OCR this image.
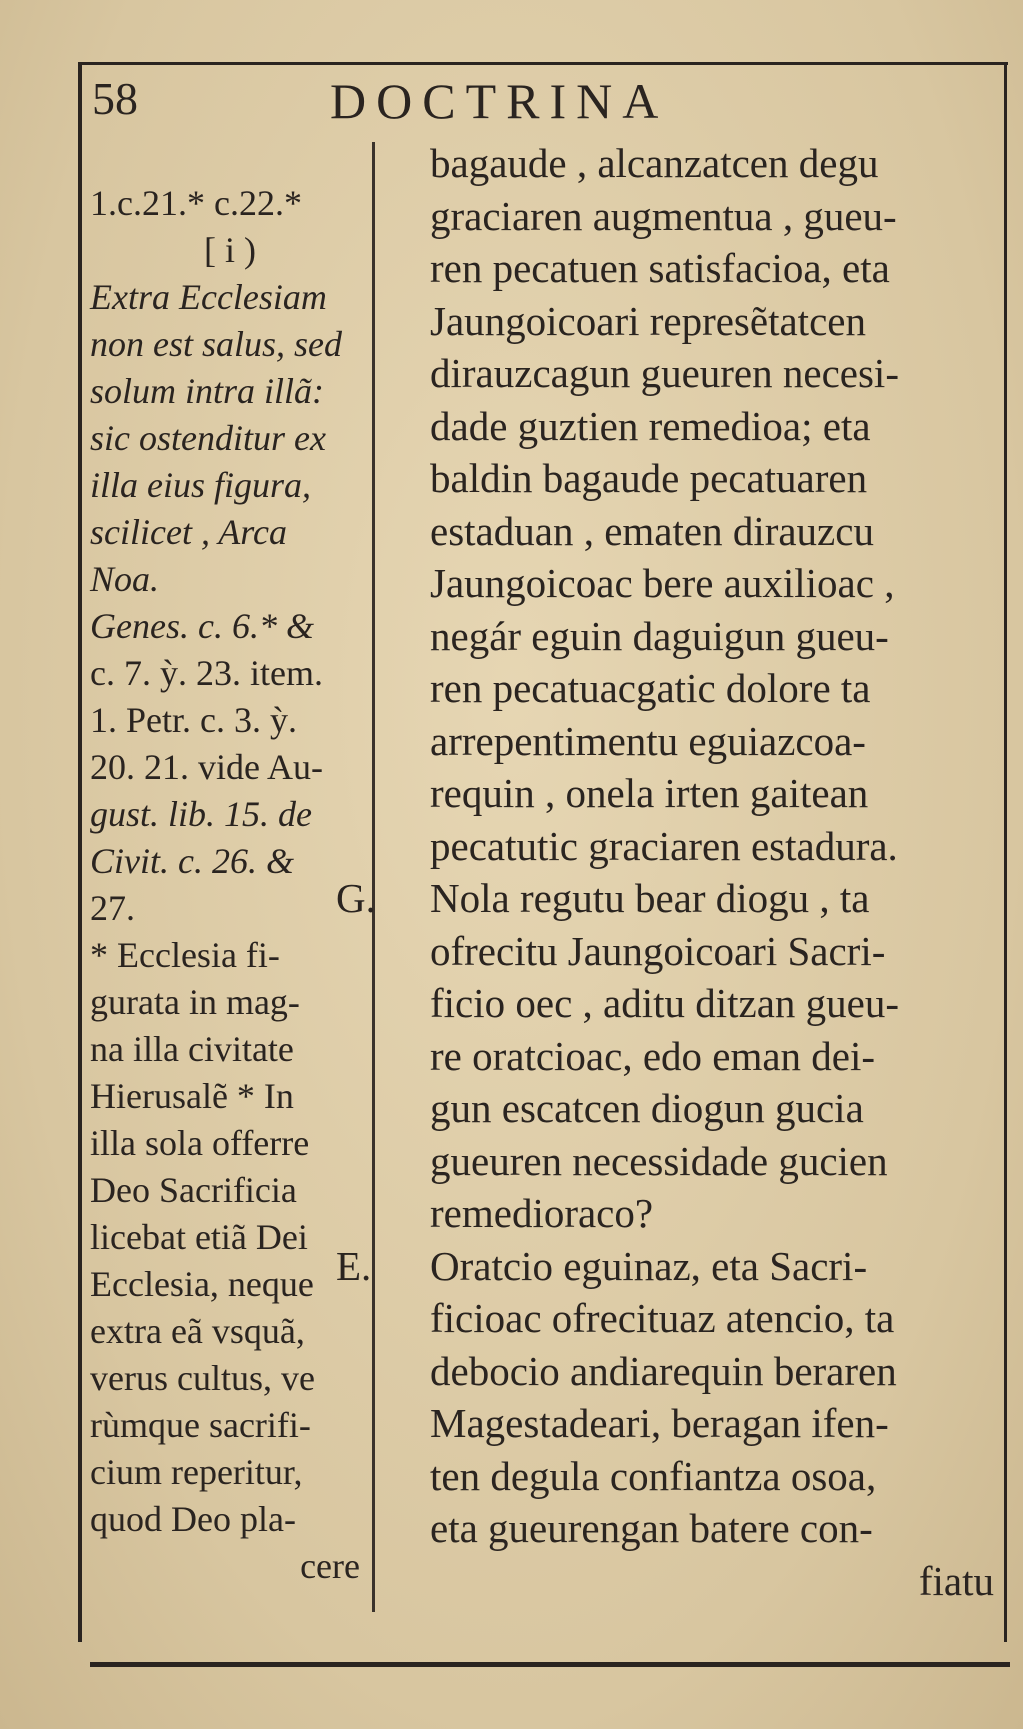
58	DOCTRINA
1.c.21.* c.22.*
[ i )
Extra Ecclesiam
non est salus, sed
solum intra illã:
sic ostenditur ex
illa eius figura,
scilicet , Arca
Noa.
Genes. c. 6.* &
c. 7. ỳ. 23. item.
1. Petr. c. 3. ỳ.
20. 21. vide Au-
gust. lib. 15. de
Civit. c. 26. &
27.
* Ecclesia fi-
gurata in mag-
na illa civitate
Hierusalẽ * In
illa sola offerre
Deo Sacrificia
licebat etiã Dei
Ecclesia, neque
extra eã vsquã,
verus cultus, ve
rùmque sacrifi-
cium reperitur,
quod Deo pla-
cere
bagaude , alcanzatcen degu
graciaren augmentua , gueu-
ren pecatuen satisfacioa, eta
Jaungoicoari represẽtatcen
dirauzcagun gueuren necesi-
dade guztien remedioa; eta
baldin bagaude pecatuaren
estaduan , ematen dirauzcu
Jaungoicoac bere auxilioac ,
negár eguin daguigun gueu-
ren pecatuacgatic dolore ta
arrepentimentu eguiazcoa-
requin , onela irten gaitean
pecatutic graciaren estadura.
G.	Nola regutu bear diogu , ta
ofrecitu Jaungoicoari Sacri-
ficio oec , aditu ditzan gueu-
re oratcioac, edo eman dei-
gun escatcen diogun gucia
gueuren necessidade gucien
remedioraco?
E.	Oratcio eguinaz, eta Sacri-
ficioac ofrecituaz atencio, ta
debocio andiarequin beraren
Magestadeari, beragan ifen-
ten degula confiantza osoa,
eta gueurengan batere con-
fiatu
